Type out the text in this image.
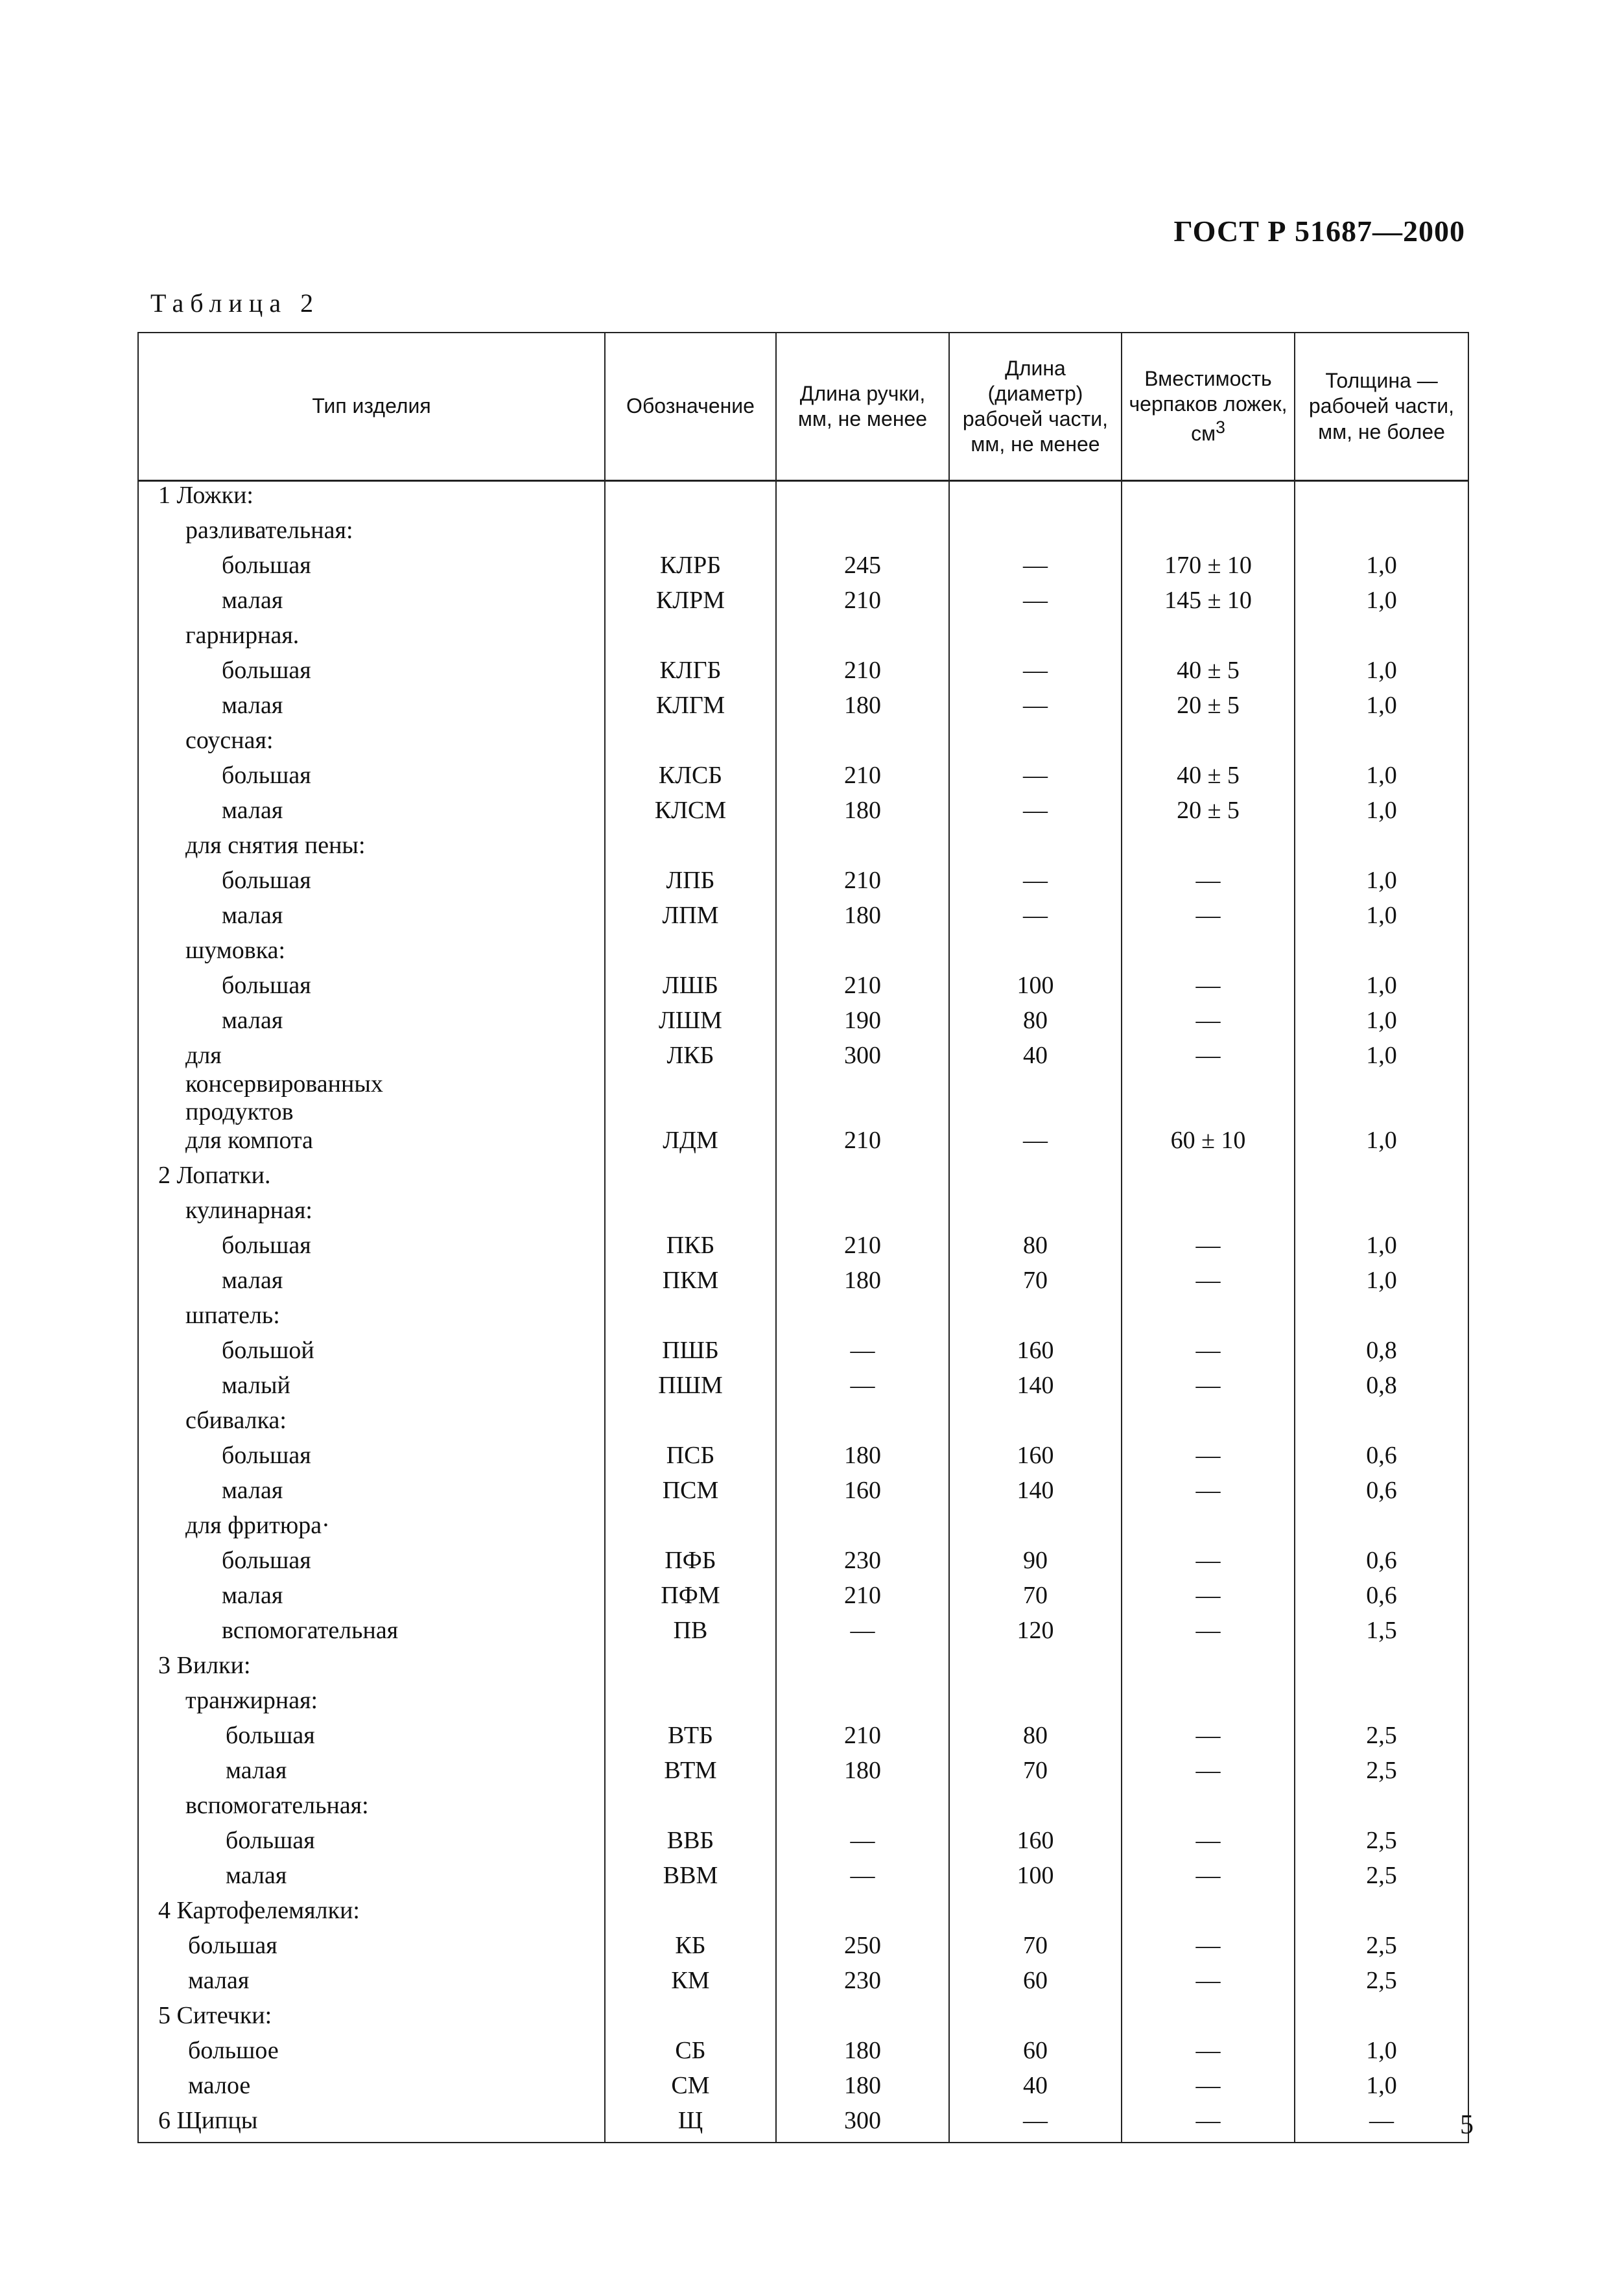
ГОСТ Р 51687—2000
Таблица 2
Тип изделия	Обозначение	Длина ручки, мм, не менее	Длина (диаметр) рабочей части, мм, не менее	Вместимость черпаков ложек, $см^3$	Толщина — рабочей части, мм, не более
1 Ложки:					
разливательная:					
большая	КЛРБ	245	—	170 ± 10	1,0
малая	КЛРМ	210	—	145 ± 10	1,0
гарнирная.					
большая	КЛГБ	210	—	40 ± 5	1,0
малая	КЛГМ	180	—	20 ± 5	1,0
соусная:					
большая	КЛСБ	210	—	40 ± 5	1,0
малая	КЛСМ	180	—	20 ± 5	1,0
для снятия пены:					
большая	ЛПБ	210	—	—	1,0
малая	ЛПМ	180	—	—	1,0
шумовка:					
большая	ЛШБ	210	100	—	1,0
малая	ЛШМ	190	80	—	1,0
для консервированных продуктов	ЛКБ	300	40	—	1,0
для компота	ЛДМ	210	—	60 ± 10	1,0
2 Лопатки.					
кулинарная:					
большая	ПКБ	210	80	—	1,0
малая	ПКМ	180	70	—	1,0
шпатель:					
большой	ПШБ	—	160	—	0,8
малый	ПШМ	—	140	—	0,8
сбивалка:					
большая	ПСБ	180	160	—	0,6
малая	ПСМ	160	140	—	0,6
для фритюра·					
большая	ПФБ	230	90	—	0,6
малая	ПФМ	210	70	—	0,6
вспомогательная	ПВ	—	120	—	1,5
3 Вилки:					
транжирная:					
большая	ВТБ	210	80	—	2,5
малая	ВТМ	180	70	—	2,5
вспомогательная:					
большая	ВВБ	—	160	—	2,5
малая	ВВМ	—	100	—	2,5
4 Картофелемялки:					
большая	КБ	250	70	—	2,5
малая	КМ	230	60	—	2,5
5 Ситечки:					
большое	СБ	180	60	—	1,0
малое	СМ	180	40	—	1,0
6 Щипцы	Щ	300	—	—	— 5
